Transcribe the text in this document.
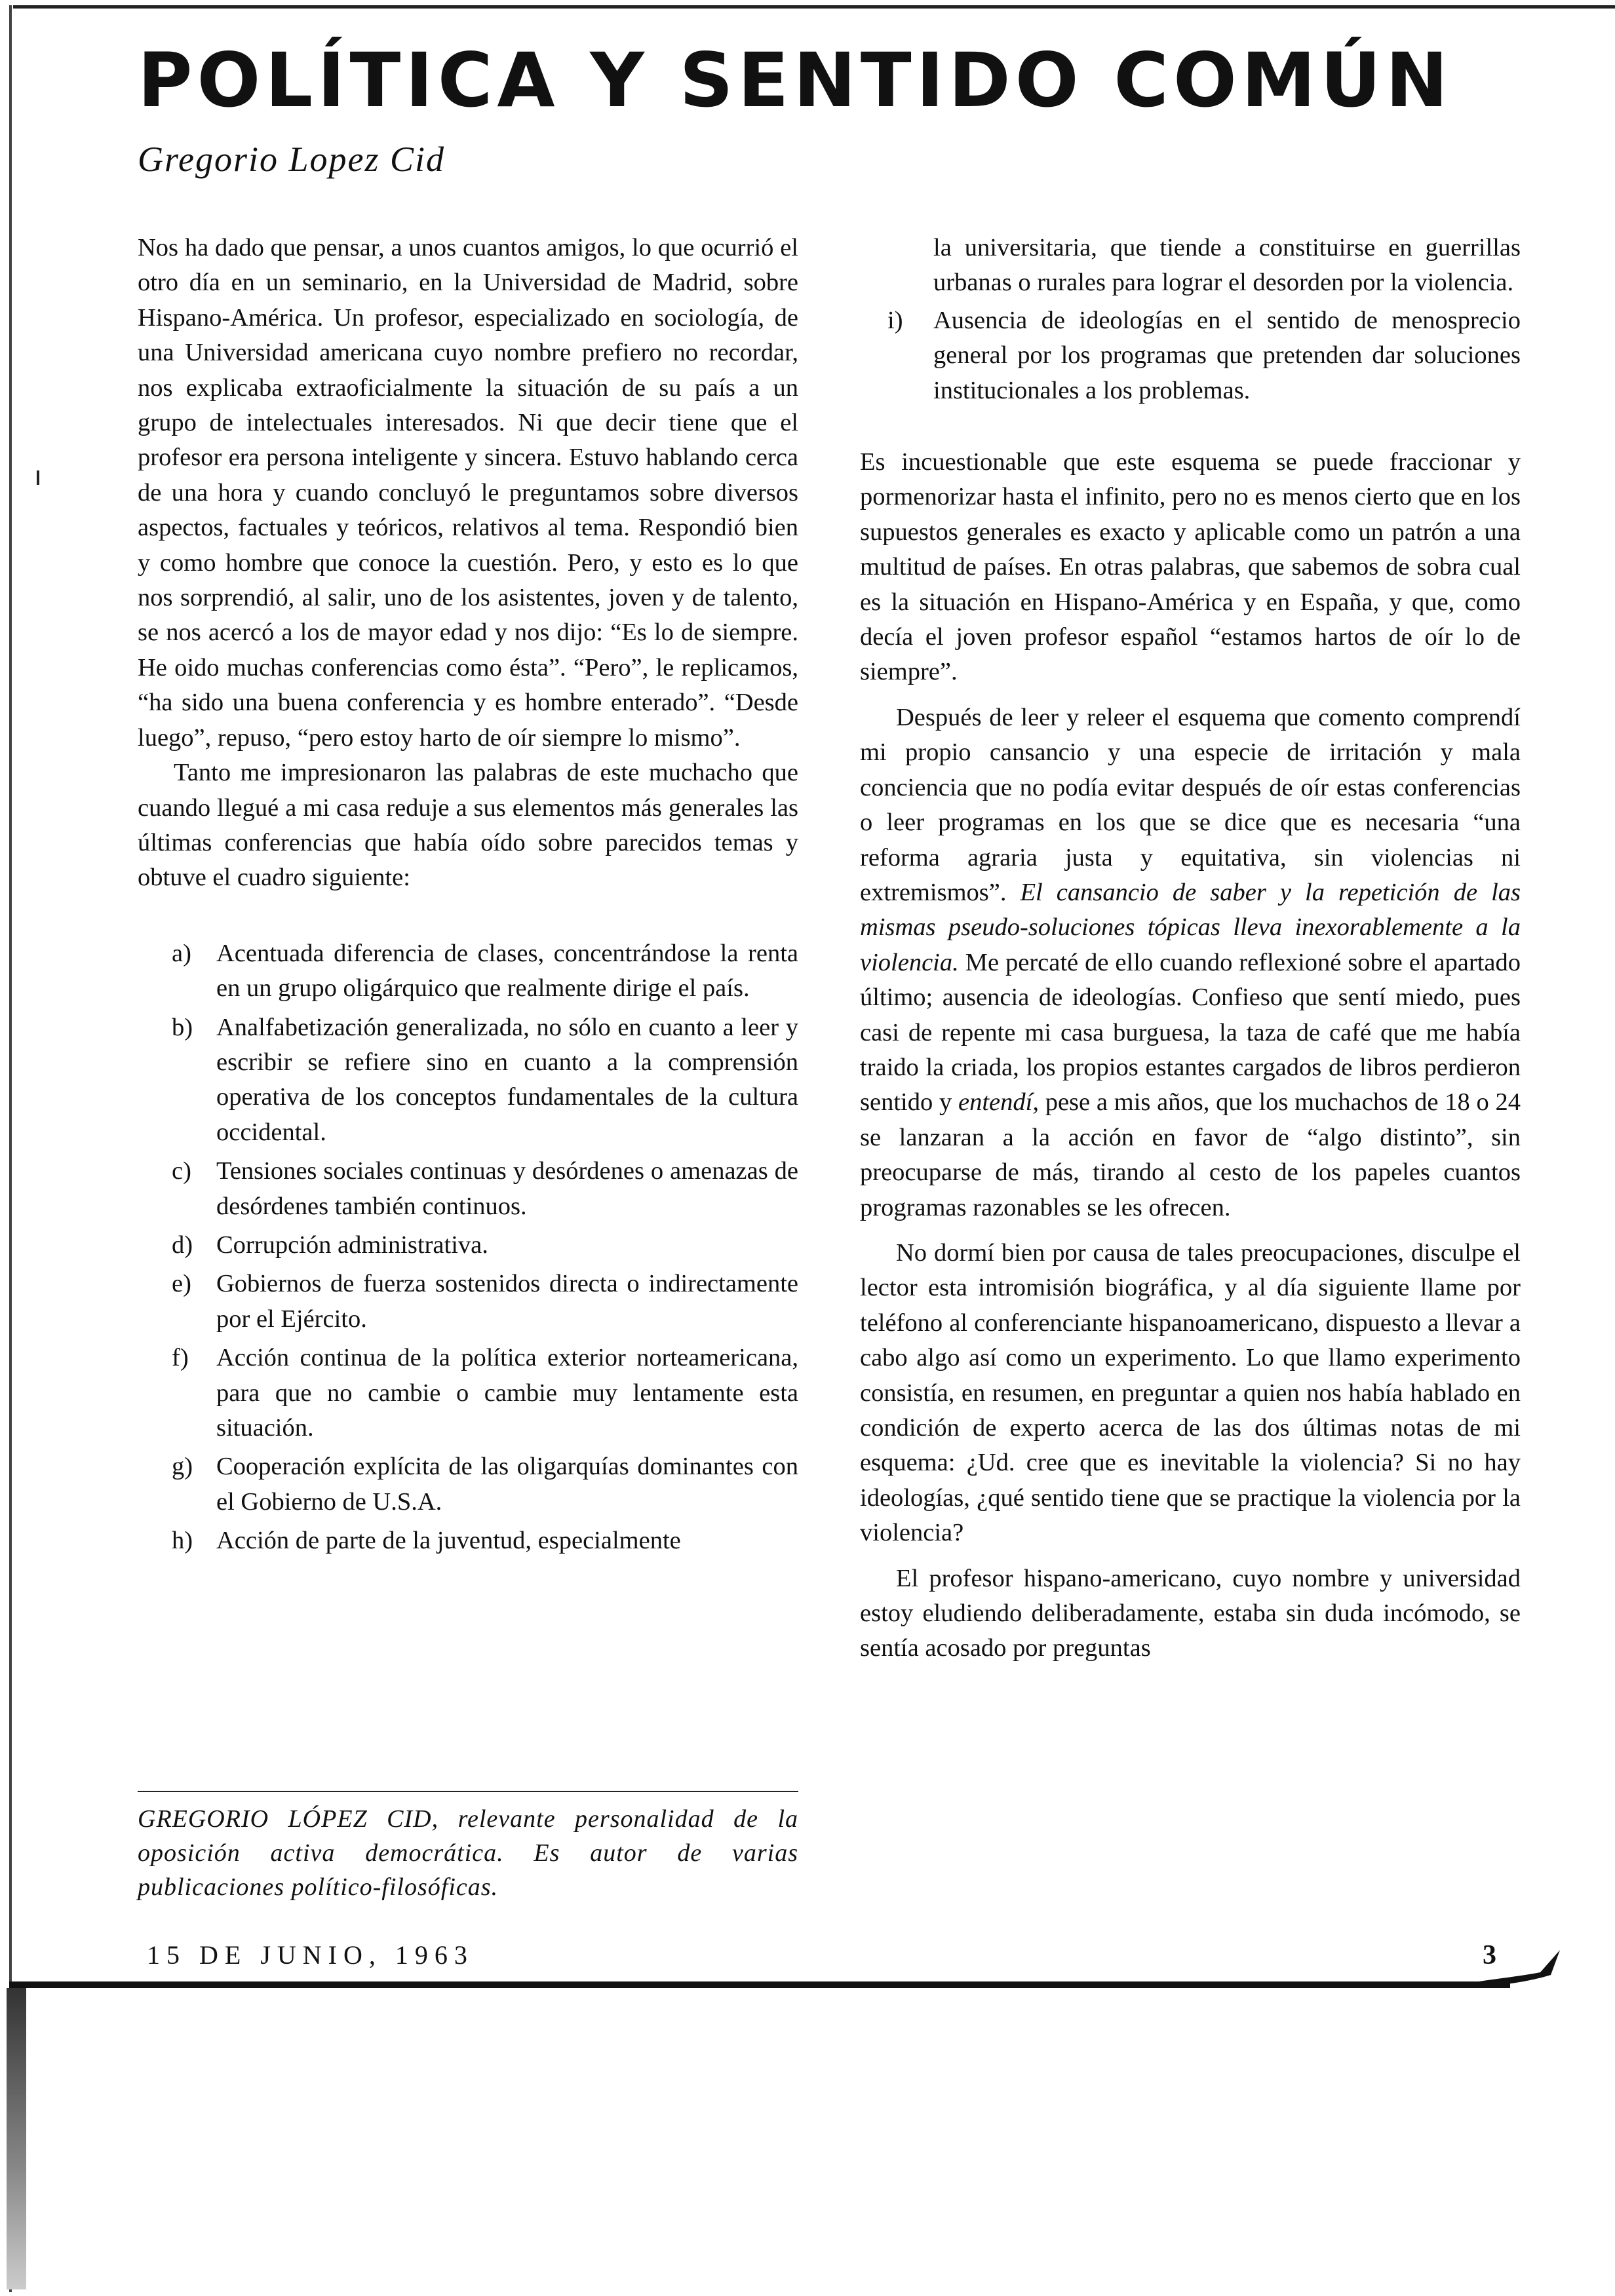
POLÍTICA Y SENTIDO COMÚN
Gregorio Lopez Cid

Nos ha dado que pensar, a unos cuantos amigos, lo que ocurrió el otro día en un seminario, en la Universidad de Madrid, sobre Hispano-América. Un profesor, especializado en sociología, de una Universidad americana cuyo nombre prefiero no recordar, nos explicaba extraoficialmente la situación de su país a un grupo de intelectuales interesados. Ni que decir tiene que el profesor era persona inteligente y sincera. Estuvo hablando cerca de una hora y cuando concluyó le preguntamos sobre diversos aspectos, factuales y teóricos, relativos al tema. Respondió bien y como hombre que conoce la cuestión. Pero, y esto es lo que nos sorprendió, al salir, uno de los asistentes, joven y de talento, se nos acercó a los de mayor edad y nos dijo: “Es lo de siempre. He oido muchas conferencias como ésta”. “Pero”, le replicamos, “ha sido una buena conferencia y es hombre enterado”. “Desde luego”, repuso, “pero estoy harto de oír siempre lo mismo”.

Tanto me impresionaron las palabras de este muchacho que cuando llegué a mi casa reduje a sus elementos más generales las últimas conferencias que había oído sobre parecidos temas y obtuve el cuadro siguiente:

a) Acentuada diferencia de clases, concentrándose la renta en un grupo oligárquico que realmente dirige el país.
b) Analfabetización generalizada, no sólo en cuanto a leer y escribir se refiere sino en cuanto a la comprensión operativa de los conceptos fundamentales de la cultura occidental.
c) Tensiones sociales continuas y desórdenes o amenazas de desórdenes también continuos.
d) Corrupción administrativa.
e) Gobiernos de fuerza sostenidos directa o indirectamente por el Ejército.
f)	Acción continua de la política exterior norteamericana, para que no cambie o cambie muy lentamente esta situación.
g) Cooperación explícita de las oligarquías dominantes con el Gobierno de U.S.A.
h) Acción de parte de la juventud, especialmente
GREGORIO LÓPEZ CID, relevante personalidad de la oposición activa democrática. Es autor de varias publicaciones político-filosóficas.

la universitaria, que tiende a constituirse en guerrillas urbanas o rurales para lograr el desorden por la violencia.

i)	Ausencia de ideologías en el sentido de menosprecio general por los programas que pretenden dar soluciones institucionales a los problemas.

Es incuestionable que este esquema se puede fraccionar y pormenorizar hasta el infinito, pero no es menos cierto que en los supuestos generales es exacto y aplicable como un patrón a una multitud de países. En otras palabras, que sabemos de sobra cual es la situación en Hispano-América y en España, y que, como decía el joven profesor español “estamos hartos de oír lo de siempre”.

Después de leer y releer el esquema que comento comprendí mi propio cansancio y una especie de irritación y mala conciencia que no podía evitar después de oír estas conferencias o leer programas en los que se dice que es necesaria “una reforma agraria justa y equitativa, sin violencias ni extremismos”. El cansancio de saber y la repetición de las mismas pseudo-soluciones tópicas lleva inexorablemente a la violencia. Me percaté de ello cuando reflexioné sobre el apartado último; ausencia de ideologías. Confieso que sentí miedo, pues casi de repente mi casa burguesa, la taza de café que me había traido la criada, los propios estantes cargados de libros perdieron sentido y entendí, pese a mis años, que los muchachos de 18 o 24 se lanzaran a la acción en favor de “algo distinto”, sin preocuparse de más, tirando al cesto de los papeles cuantos programas razonables se les ofrecen.

No dormí bien por causa de tales preocupaciones, disculpe el lector esta intromisión biográfica, y al día siguiente llame por teléfono al conferenciante hispanoamericano, dispuesto a llevar a cabo algo así como un experimento. Lo que llamo experimento consistía, en resumen, en preguntar a quien nos había hablado en condición de experto acerca de las dos últimas notas de mi esquema: ¿Ud. cree que es inevitable la violencia? Si no hay ideologías, ¿qué sentido tiene que se practique la violencia por la violencia?

El profesor hispano-americano, cuyo nombre y universidad estoy eludiendo deliberadamente, estaba sin duda incómodo, se sentía acosado por preguntas

15 DE JUNIO, 1963	3
